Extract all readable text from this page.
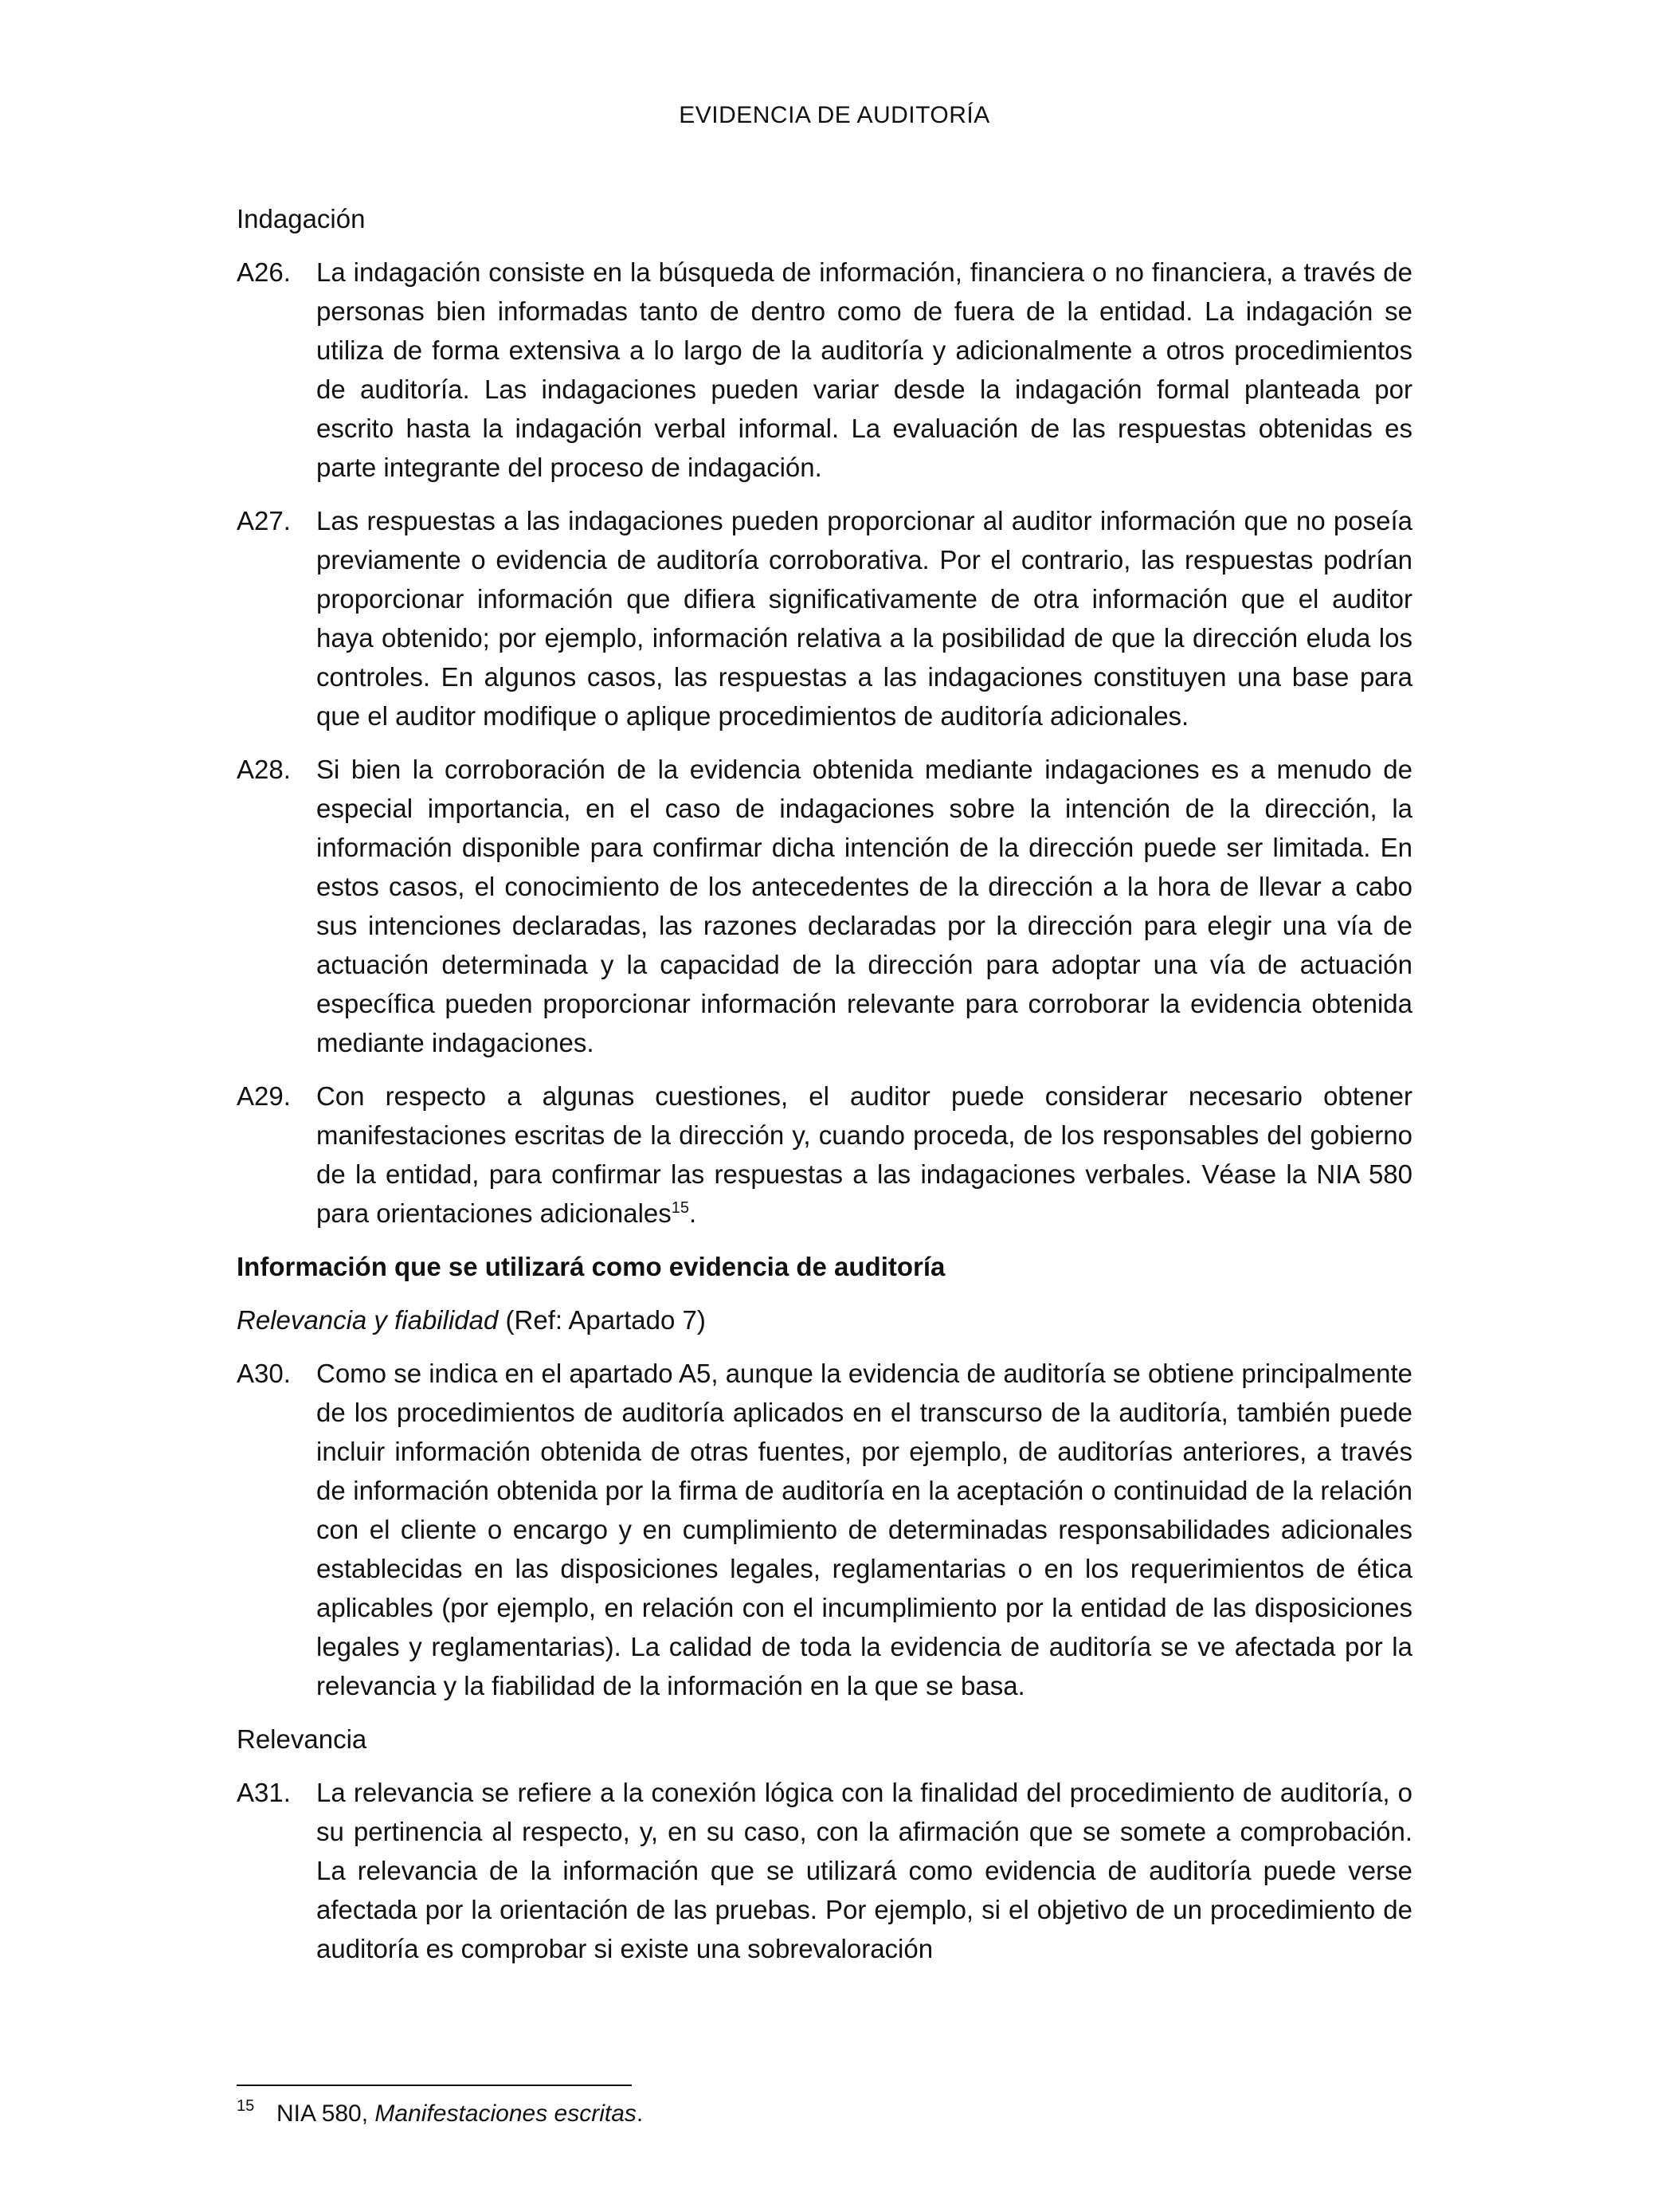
EVIDENCIA DE AUDITORÍA

Indagación

A26. La indagación consiste en la búsqueda de información, financiera o no financiera, a través de personas bien informadas tanto de dentro como de fuera de la entidad. La indagación se utiliza de forma extensiva a lo largo de la auditoría y adicionalmente a otros procedimientos de auditoría. Las indagaciones pueden variar desde la indagación formal planteada por escrito hasta la indagación verbal informal. La evaluación de las respuestas obtenidas es parte integrante del proceso de indagación.
A27. Las respuestas a las indagaciones pueden proporcionar al auditor información que no poseía previamente o evidencia de auditoría corroborativa. Por el contrario, las respuestas podrían proporcionar información que difiera significativamente de otra información que el auditor haya obtenido; por ejemplo, información relativa a la posibilidad de que la dirección eluda los controles. En algunos casos, las respuestas a las indagaciones constituyen una base para que el auditor modifique o aplique procedimientos de auditoría adicionales.
A28. Si bien la corroboración de la evidencia obtenida mediante indagaciones es a menudo de especial importancia, en el caso de indagaciones sobre la intención de la dirección, la información disponible para confirmar dicha intención de la dirección puede ser limitada. En estos casos, el conocimiento de los antecedentes de la dirección a la hora de llevar a cabo sus intenciones declaradas, las razones declaradas por la dirección para elegir una vía de actuación determinada y la capacidad de la dirección para adoptar una vía de actuación específica pueden proporcionar información relevante para corroborar la evidencia obtenida mediante indagaciones.
A29. Con respecto a algunas cuestiones, el auditor puede considerar necesario obtener manifestaciones escritas de la dirección y, cuando proceda, de los responsables del gobierno de la entidad, para confirmar las respuestas a las indagaciones verbales. Véase la NIA 580 para orientaciones adicionales$^{15}$.

Información que se utilizará como evidencia de auditoría

Relevancia y fiabilidad (Ref: Apartado 7)

A30. Como se indica en el apartado A5, aunque la evidencia de auditoría se obtiene principalmente de los procedimientos de auditoría aplicados en el transcurso de la auditoría, también puede incluir información obtenida de otras fuentes, por ejemplo, de auditorías anteriores, a través de información obtenida por la firma de auditoría en la aceptación o continuidad de la relación con el cliente o encargo y en cumplimiento de determinadas responsabilidades adicionales establecidas en las disposiciones legales, reglamentarias o en los requerimientos de ética aplicables (por ejemplo, en relación con el incumplimiento por la entidad de las disposiciones legales y reglamentarias). La calidad de toda la evidencia de auditoría se ve afectada por la relevancia y la fiabilidad de la información en la que se basa.

Relevancia

A31. La relevancia se refiere a la conexión lógica con la finalidad del procedimiento de auditoría, o su pertinencia al respecto, y, en su caso, con la afirmación que se somete a comprobación. La relevancia de la información que se utilizará como evidencia de auditoría puede verse afectada por la orientación de las pruebas. Por ejemplo, si el objetivo de un procedimiento de auditoría es comprobar si existe una sobrevaloración
15 NIA 580, Manifestaciones escritas.
